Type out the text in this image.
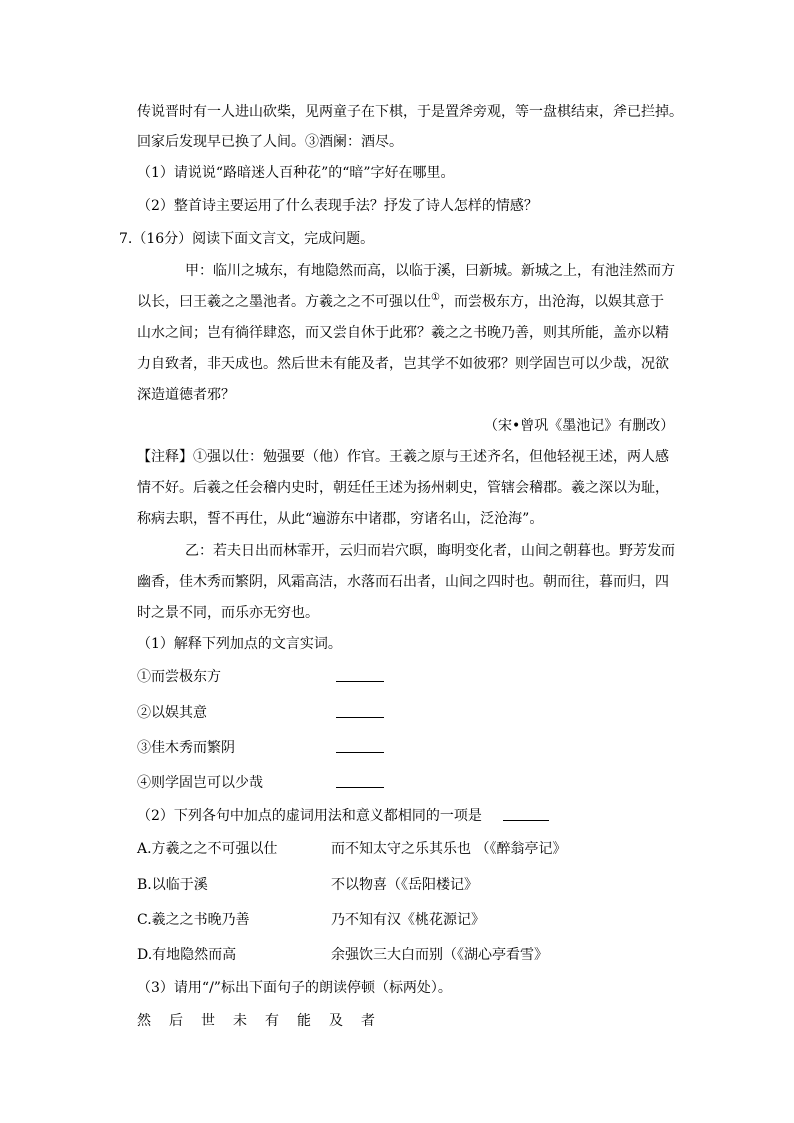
传说晋时有一人进山砍柴，见两童子在下棋，于是置斧旁观，等一盘棋结束，斧已拦掉。
回家后发现早已换了人间。③酒阑：酒尽。
（1）请说说“路暗迷人百种花”的“暗”字好在哪里。
（2）整首诗主要运用了什么表现手法？抒发了诗人怎样的情感？
7.（16分）阅读下面文言文，完成问题。
甲：临川之城东，有地隐然而高，以临于溪，曰新城。新城之上，有池洼然而方
以长，曰王羲之之墨池者。方羲之之不可强以仕①，而尝极东方，出沧海，以娱其意于
山水之间；岂有徜徉肆恣，而又尝自休于此邪？羲之之书晚乃善，则其所能，盖亦以精
力自致者，非天成也。然后世未有能及者，岂其学不如彼邪？则学固岂可以少哉，况欲
深造道德者邪？
（宋•曾巩《墨池记》有删改）
【注释】①强以仕：勉强要（他）作官。王羲之原与王述齐名，但他轻视王述，两人感
情不好。后羲之任会稽内史时，朝廷任王述为扬州刺史，管辖会稽郡。羲之深以为耻，
称病去职，誓不再仕，从此“遍游东中诸郡，穷诸名山，泛沧海”。
乙：若夫日出而林霏开，云归而岩穴暝，晦明变化者，山间之朝暮也。野芳发而
幽香，佳木秀而繁阴，风霜高洁，水落而石出者，山间之四时也。朝而往，暮而归，四
时之景不同，而乐亦无穷也。
（1）解释下列加点的文言实词。
①而尝极东方
②以娱其意
③佳木秀而繁阴
④则学固岂可以少哉
（2）下列各句中加点的虚词用法和意义都相同的一项是
A.方羲之之不可强以仕	而不知太守之乐其乐也 （《醉翁亭记》
B.以临于溪	不以物喜（《岳阳楼记》
C.羲之之书晚乃善	乃不知有汉《桃花源记》
D.有地隐然而高	余强饮三大白而别（《湖心亭看雪》
（3）请用“/”标出下面句子的朗读停顿（标两处）。
然 后 世 未 有 能 及 者
